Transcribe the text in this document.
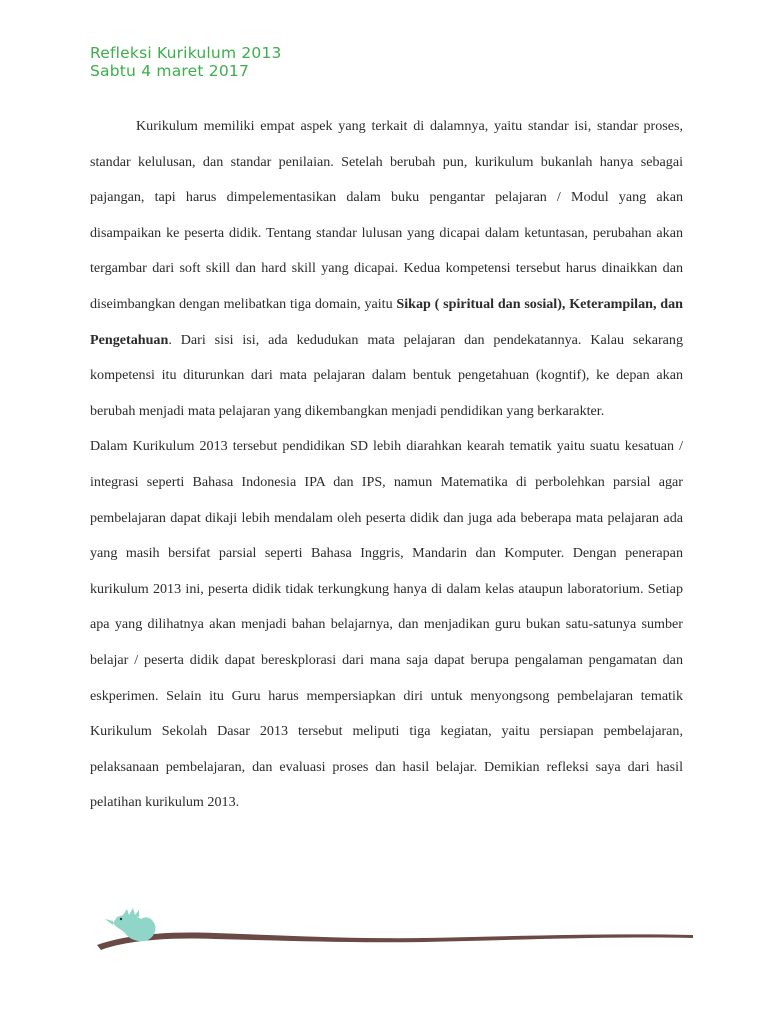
Refleksi Kurikulum 2013
Sabtu 4 maret 2017

Kurikulum memiliki empat aspek yang terkait di dalamnya, yaitu standar isi, standar proses, standar kelulusan, dan standar penilaian. Setelah berubah pun, kurikulum bukanlah hanya sebagai pajangan, tapi harus dimpelementasikan dalam buku pengantar pelajaran / Modul yang akan disampaikan ke peserta didik. Tentang standar lulusan yang dicapai dalam ketuntasan, perubahan akan tergambar dari soft skill dan hard skill yang dicapai. Kedua kompetensi tersebut harus dinaikkan dan diseimbangkan dengan melibatkan tiga domain, yaitu Sikap ( spiritual dan sosial), Keterampilan, dan Pengetahuan. Dari sisi isi, ada kedudukan mata pelajaran dan pendekatannya. Kalau sekarang kompetensi itu diturunkan dari mata pelajaran dalam bentuk pengetahuan (kogntif), ke depan akan berubah menjadi mata pelajaran yang dikembangkan menjadi pendidikan yang berkarakter.

Dalam Kurikulum 2013 tersebut pendidikan SD lebih diarahkan kearah tematik yaitu suatu kesatuan / integrasi seperti Bahasa Indonesia IPA dan IPS, namun Matematika di perbolehkan parsial agar pembelajaran dapat dikaji lebih mendalam oleh peserta didik dan juga ada beberapa mata pelajaran ada yang masih bersifat parsial seperti Bahasa Inggris, Mandarin dan Komputer. Dengan penerapan kurikulum 2013 ini, peserta didik tidak terkungkung hanya di dalam kelas ataupun laboratorium. Setiap apa yang dilihatnya akan menjadi bahan belajarnya, dan menjadikan guru bukan satu-satunya sumber belajar / peserta didik dapat bereskplorasi dari mana saja dapat berupa pengalaman pengamatan dan eskperimen. Selain itu Guru harus mempersiapkan diri untuk menyongsong pembelajaran tematik Kurikulum Sekolah Dasar 2013 tersebut meliputi tiga kegiatan, yaitu persiapan pembelajaran, pelaksanaan pembelajaran, dan evaluasi proses dan hasil belajar. Demikian refleksi saya dari hasil pelatihan kurikulum 2013.
